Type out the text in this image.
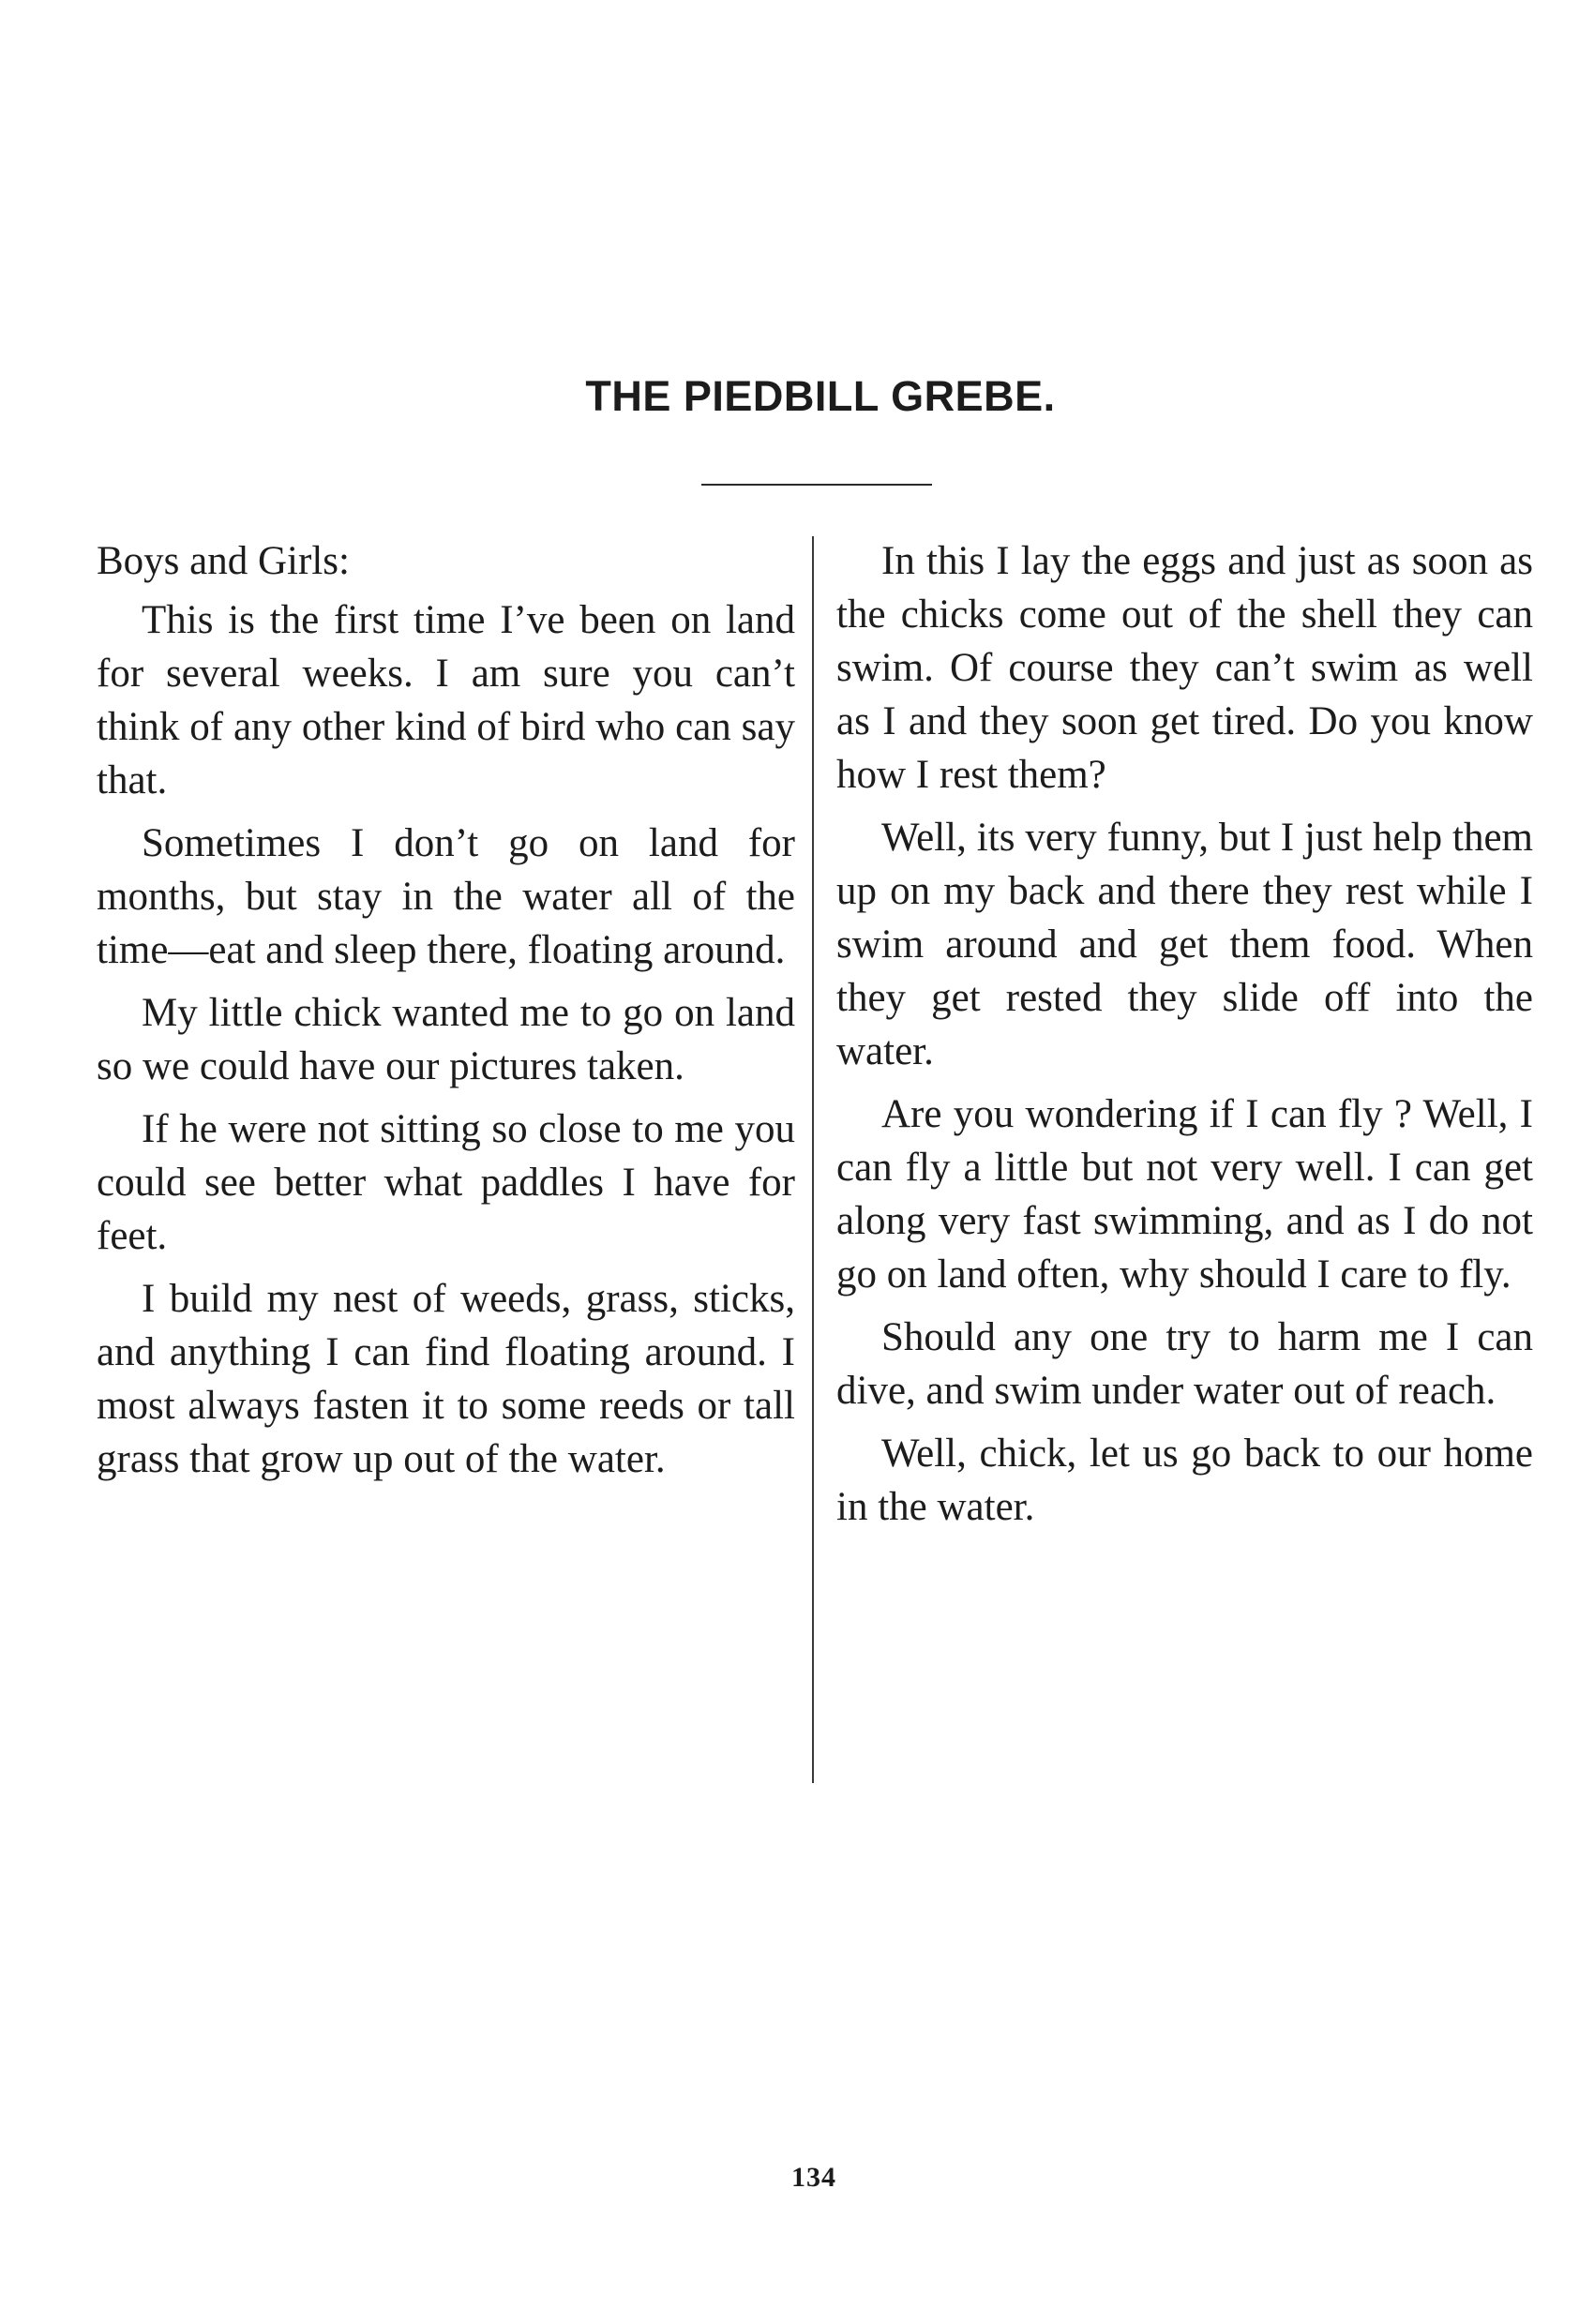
THE PIEDBILL GREBE.

Boys and Girls:

This is the first time I’ve been on land for several weeks. I am sure you can’t think of any other kind of bird who can say that.

Sometimes I don’t go on land for months, but stay in the water all of the time—eat and sleep there, floating around.

My little chick wanted me to go on land so we could have our pictures taken.

If he were not sitting so close to me you could see better what paddles I have for feet.

I build my nest of weeds, grass, sticks, and anything I can find floating around. I most always fasten it to some reeds or tall grass that grow up out of the water.

In this I lay the eggs and just as soon as the chicks come out of the shell they can swim. Of course they can’t swim as well as I and they soon get tired. Do you know how I rest them?

Well, its very funny, but I just help them up on my back and there they rest while I swim around and get them food. When they get rested they slide off into the water.

Are you wondering if I can fly ? Well, I can fly a little but not very well. I can get along very fast swimming, and as I do not go on land often, why should I care to fly.

Should any one try to harm me I can dive, and swim under water out of reach.

Well, chick, let us go back to our home in the water.

134
